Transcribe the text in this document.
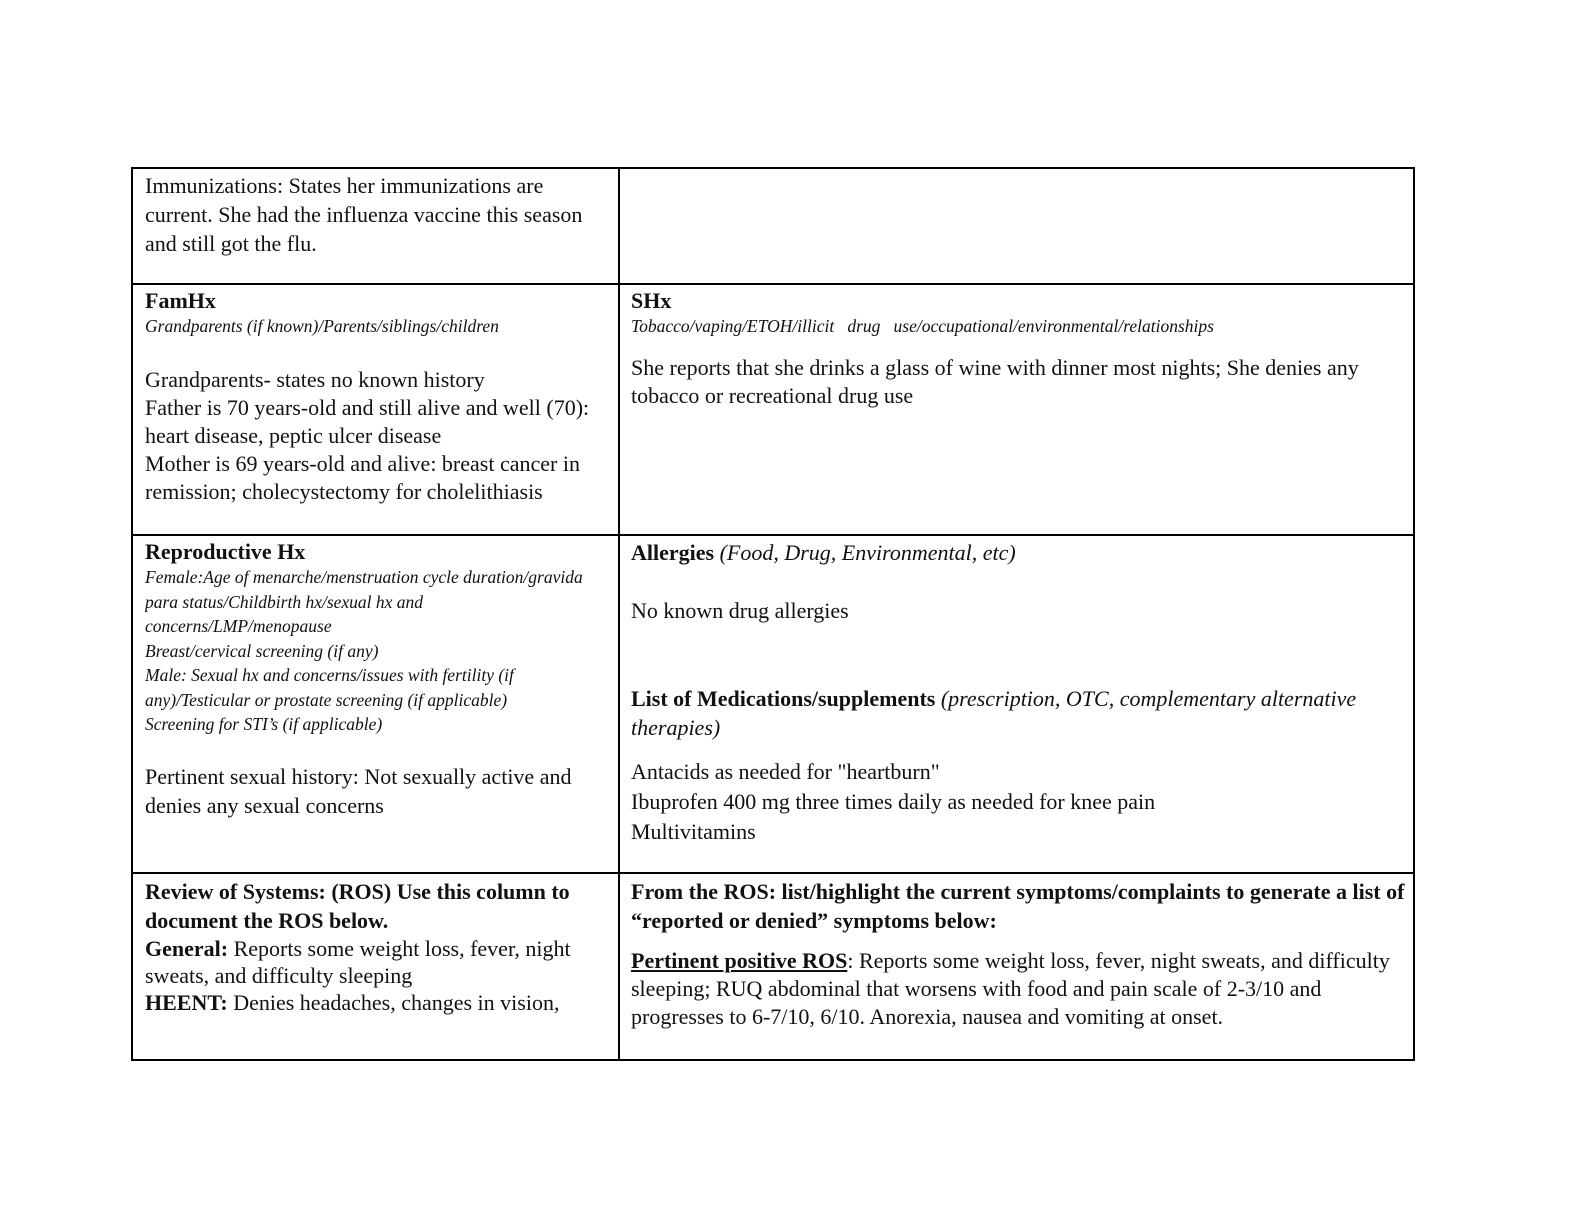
Immunizations: States her immunizations are current. She had the influenza vaccine this season and still got the flu.

FamHx

Grandparents (if known)/Parents/siblings/children

Grandparents- states no known history

Father is 70 years-old and still alive and well (70): heart disease, peptic ulcer disease

Mother is 69 years-old and alive: breast cancer in remission; cholecystectomy for cholelithiasis

SHx

Tobacco/vaping/ETOH/illicit   drug   use/occupational/environmental/relationships

She reports that she drinks a glass of wine with dinner most nights; She denies any tobacco or recreational drug use

Reproductive Hx

Female:Age of menarche/menstruation cycle duration/gravida para status/Childbirth hx/sexual hx and concerns/LMP/menopause

Breast/cervical screening (if any)

Male: Sexual hx and concerns/issues with fertility (if any)/Testicular or prostate screening (if applicable)

Screening for STI’s (if applicable)

Pertinent sexual history: Not sexually active and denies any sexual concerns

Allergies (Food, Drug, Environmental, etc)

No known drug allergies

List of Medications/supplements (prescription, OTC, complementary alternative therapies)

Antacids as needed for "heartburn"

Ibuprofen 400 mg three times daily as needed for knee pain

Multivitamins

Review of Systems: (ROS) Use this column to document the ROS below.

General: Reports some weight loss, fever, night sweats, and difficulty sleeping

HEENT: Denies headaches, changes in vision,

From the ROS: list/highlight the current symptoms/complaints to generate a list of “reported or denied” symptoms below:

Pertinent positive ROS: Reports some weight loss, fever, night sweats, and difficulty sleeping; RUQ abdominal that worsens with food and pain scale of 2-3/10 and progresses to 6-7/10, 6/10. Anorexia, nausea and vomiting at onset.
